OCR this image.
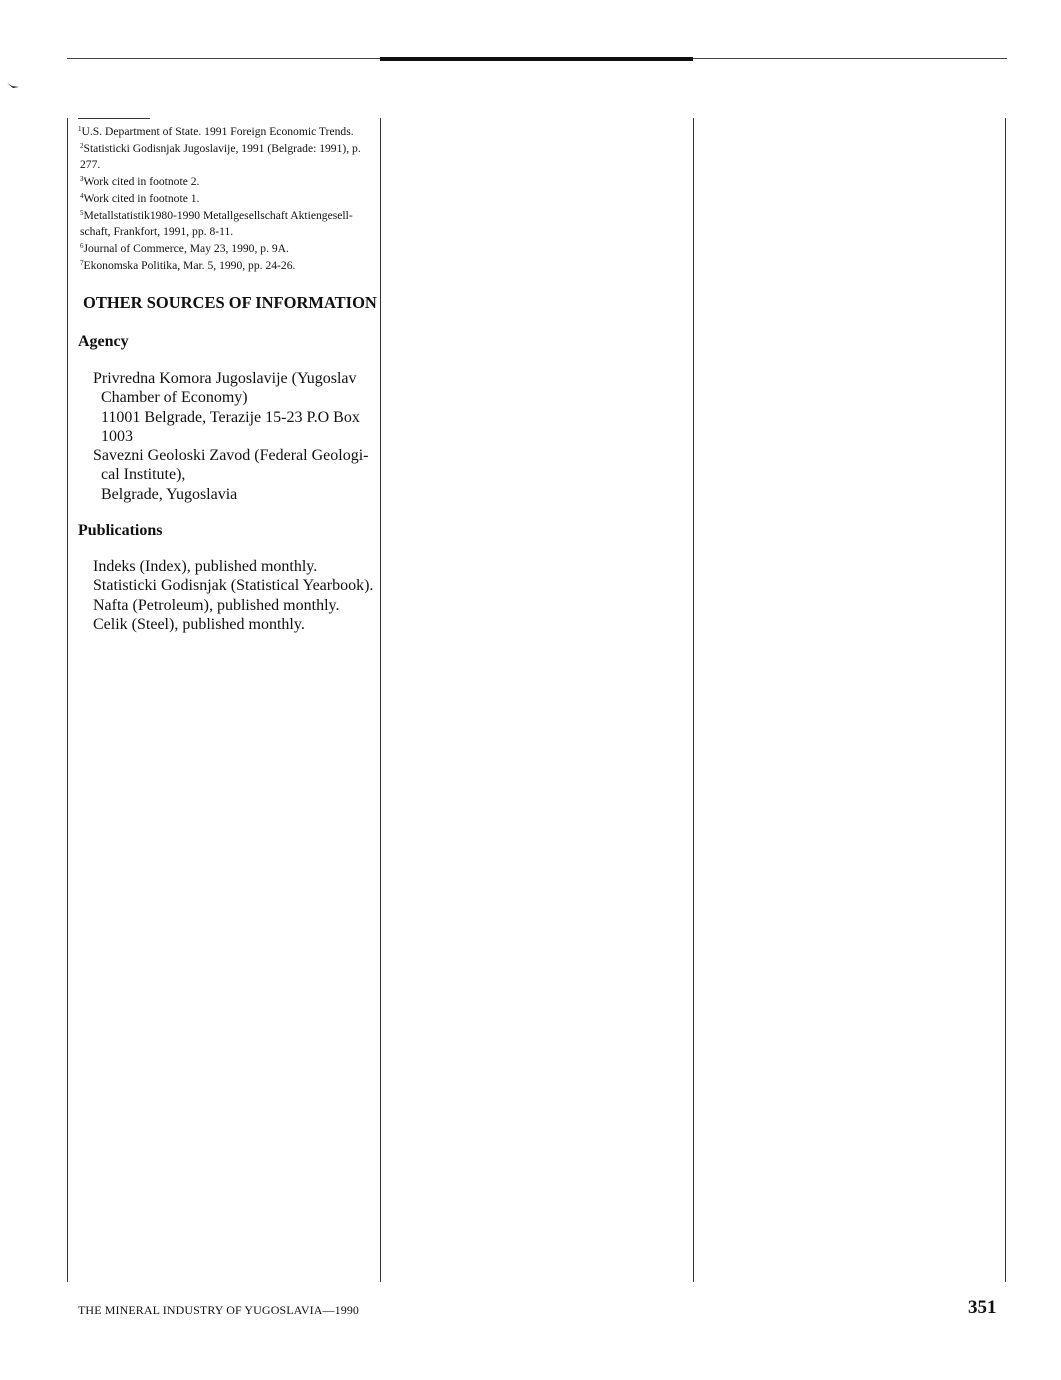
$^1$U.S. Department of State. 1991 Foreign Economic Trends.
$^2$Statisticki Godisnjak Jugoslavije, 1991 (Belgrade: 1991), p. 277.
$^3$Work cited in footnote 2.
$^4$Work cited in footnote 1.
$^5$Metallstatistik1980-1990 Metallgesellschaft Aktiengesell-schaft, Frankfort, 1991, pp. 8-11.
$^6$Journal of Commerce, May 23, 1990, p. 9A.
$^7$Ekonomska Politika, Mar. 5, 1990, pp. 24-26.
OTHER SOURCES OF INFORMATION
Agency
Privredna Komora Jugoslavije (Yugoslav
Chamber of Economy)
11001 Belgrade, Terazije 15-23 P.O Box
1003
Savezni Geoloski Zavod (Federal Geologi-
cal Institute),
Belgrade, Yugoslavia
Publications
Indeks (Index), published monthly.
Statisticki Godisnjak (Statistical Yearbook).
Nafta (Petroleum), published monthly.
Celik (Steel), published monthly.
THE MINERAL INDUSTRY OF YUGOSLAVIA—1990	351
